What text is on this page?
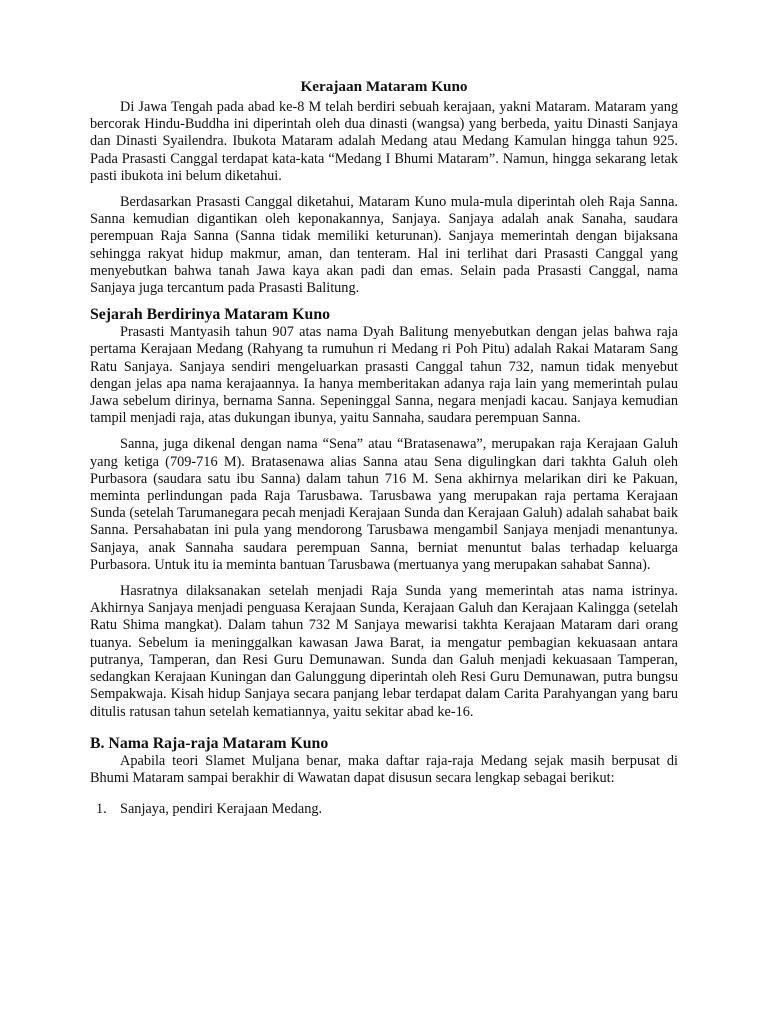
Kerajaan Mataram Kuno

Di Jawa Tengah pada abad ke-8 M telah berdiri sebuah kerajaan, yakni Mataram. Mataram yang bercorak Hindu-Buddha ini diperintah oleh dua dinasti (wangsa) yang berbeda, yaitu Dinasti Sanjaya dan Dinasti Syailendra. Ibukota Mataram adalah Medang atau Medang Kamulan hingga tahun 925. Pada Prasasti Canggal terdapat kata-kata “Medang I Bhumi Mataram”. Namun, hingga sekarang letak pasti ibukota ini belum diketahui.

Berdasarkan Prasasti Canggal diketahui, Mataram Kuno mula-mula diperintah oleh Raja Sanna. Sanna kemudian digantikan oleh keponakannya, Sanjaya. Sanjaya adalah anak Sanaha, saudara perempuan Raja Sanna (Sanna tidak memiliki keturunan). Sanjaya memerintah dengan bijaksana sehingga rakyat hidup makmur, aman, dan tenteram. Hal ini terlihat dari Prasasti Canggal yang menyebutkan bahwa tanah Jawa kaya akan padi dan emas. Selain pada Prasasti Canggal, nama Sanjaya juga tercantum pada Prasasti Balitung.

Sejarah Berdirinya Mataram Kuno

Prasasti Mantyasih tahun 907 atas nama Dyah Balitung menyebutkan dengan jelas bahwa raja pertama Kerajaan Medang (Rahyang ta rumuhun ri Medang ri Poh Pitu) adalah Rakai Mataram Sang Ratu Sanjaya. Sanjaya sendiri mengeluarkan prasasti Canggal tahun 732, namun tidak menyebut dengan jelas apa nama kerajaannya. Ia hanya memberitakan adanya raja lain yang memerintah pulau Jawa sebelum dirinya, bernama Sanna. Sepeninggal Sanna, negara menjadi kacau. Sanjaya kemudian tampil menjadi raja, atas dukungan ibunya, yaitu Sannaha, saudara perempuan Sanna.

Sanna, juga dikenal dengan nama “Sena” atau “Bratasenawa”, merupakan raja Kerajaan Galuh yang ketiga (709-716 M). Bratasenawa alias Sanna atau Sena digulingkan dari takhta Galuh oleh Purbasora (saudara satu ibu Sanna) dalam tahun 716 M. Sena akhirnya melarikan diri ke Pakuan, meminta perlindungan pada Raja Tarusbawa. Tarusbawa yang merupakan raja pertama Kerajaan Sunda (setelah Tarumanegara pecah menjadi Kerajaan Sunda dan Kerajaan Galuh) adalah sahabat baik Sanna. Persahabatan ini pula yang mendorong Tarusbawa mengambil Sanjaya menjadi menantunya. Sanjaya, anak Sannaha saudara perempuan Sanna, berniat menuntut balas terhadap keluarga Purbasora. Untuk itu ia meminta bantuan Tarusbawa (mertuanya yang merupakan sahabat Sanna).

Hasratnya dilaksanakan setelah menjadi Raja Sunda yang memerintah atas nama istrinya. Akhirnya Sanjaya menjadi penguasa Kerajaan Sunda, Kerajaan Galuh dan Kerajaan Kalingga (setelah Ratu Shima mangkat). Dalam tahun 732 M Sanjaya mewarisi takhta Kerajaan Mataram dari orang tuanya. Sebelum ia meninggalkan kawasan Jawa Barat, ia mengatur pembagian kekuasaan antara putranya, Tamperan, dan Resi Guru Demunawan. Sunda dan Galuh menjadi kekuasaan Tamperan, sedangkan Kerajaan Kuningan dan Galunggung diperintah oleh Resi Guru Demunawan, putra bungsu Sempakwaja. Kisah hidup Sanjaya secara panjang lebar terdapat dalam Carita Parahyangan yang baru ditulis ratusan tahun setelah kematiannya, yaitu sekitar abad ke-16.

B. Nama Raja-raja Mataram Kuno

Apabila teori Slamet Muljana benar, maka daftar raja-raja Medang sejak masih berpusat di Bhumi Mataram sampai berakhir di Wawatan dapat disusun secara lengkap sebagai berikut:

1. Sanjaya, pendiri Kerajaan Medang.
